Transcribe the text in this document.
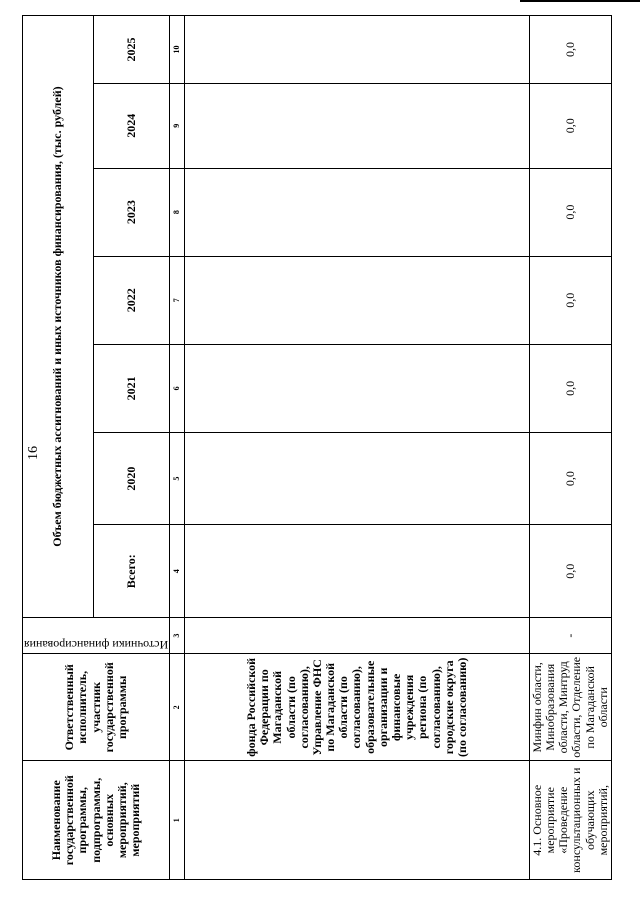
16
Наименование государственной программы, подпрограммы, основных мероприятий, мероприятий	Ответственный исполнитель, участник государственной программы	Источники финансирования	Объем бюджетных ассигнований и иных источников финансирования, (тыс. рублей)						
			Всего:	2020	2021	2022	2023	2024	2025
1	2	3	4	5	6	7	8	9	10
	фонда Российской Федерации по Магаданской области (по согласованию), Управление ФНС по Магаданской области (по согласованию), образовательные организации и финансовые учреждения региона (по согласованию), городские округа (по согласованию)								
4.1. Основное мероприятие «Проведение консультационных и обучающих мероприятий,	Минфин области, Минобразования области, Минтруд области, Отделение по Магаданской области	-	0,0	0,0	0,0	0,0	0,0	0,0	0,0
